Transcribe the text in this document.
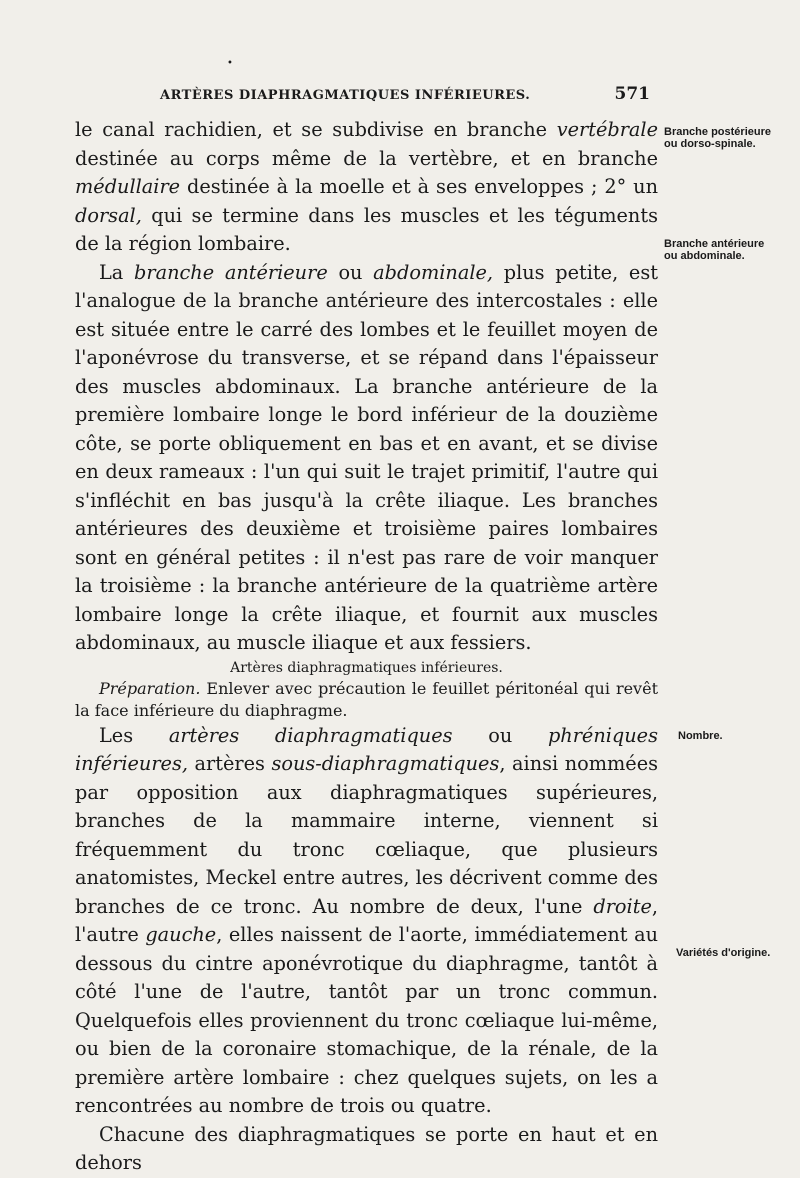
•
ARTÈRES DIAPHRAGMATIQUES INFÉRIEURES.	571

le canal rachidien, et se subdivise en branche vertébrale destinée au corps même de la vertèbre, et en branche médullaire destinée à la moelle et à ses enveloppes ; 2° un dorsal, qui se termine dans les muscles et les téguments de la région lombaire.

La branche antérieure ou abdominale, plus petite, est l'analogue de la branche antérieure des intercostales : elle est située entre le carré des lombes et le feuillet moyen de l'aponévrose du transverse, et se répand dans l'épaisseur des muscles abdominaux. La branche antérieure de la première lombaire longe le bord inférieur de la douzième côte, se porte obliquement en bas et en avant, et se divise en deux rameaux : l'un qui suit le trajet primitif, l'autre qui s'infléchit en bas jusqu'à la crête iliaque. Les branches antérieures des deuxième et troisième paires lombaires sont en général petites : il n'est pas rare de voir manquer la troisième : la branche antérieure de la quatrième artère lombaire longe la crête iliaque, et fournit aux muscles abdominaux, au muscle iliaque et aux fessiers.

Artères diaphragmatiques inférieures.

Préparation. Enlever avec précaution le feuillet péritonéal qui revêt la face inférieure du diaphragme.

Les artères diaphragmatiques ou phréniques inférieures, artères sous-diaphragmatiques, ainsi nommées par opposition aux diaphragmatiques supérieures, branches de la mammaire interne, viennent si fréquemment du tronc cœliaque, que plusieurs anatomistes, Meckel entre autres, les décrivent comme des branches de ce tronc. Au nombre de deux, l'une droite, l'autre gauche, elles naissent de l'aorte, immédiatement au dessous du cintre aponévrotique du diaphragme, tantôt à côté l'une de l'autre, tantôt par un tronc commun. Quelquefois elles proviennent du tronc cœliaque lui-même, ou bien de la coronaire stomachique, de la rénale, de la première artère lombaire : chez quelques sujets, on les a rencontrées au nombre de trois ou quatre.

Chacune des diaphragmatiques se porte en haut et en dehors

Branche postérieure ou dorso-spinale.
Branche antérieure ou abdominale.
Nombre.
Variétés d'origine.
